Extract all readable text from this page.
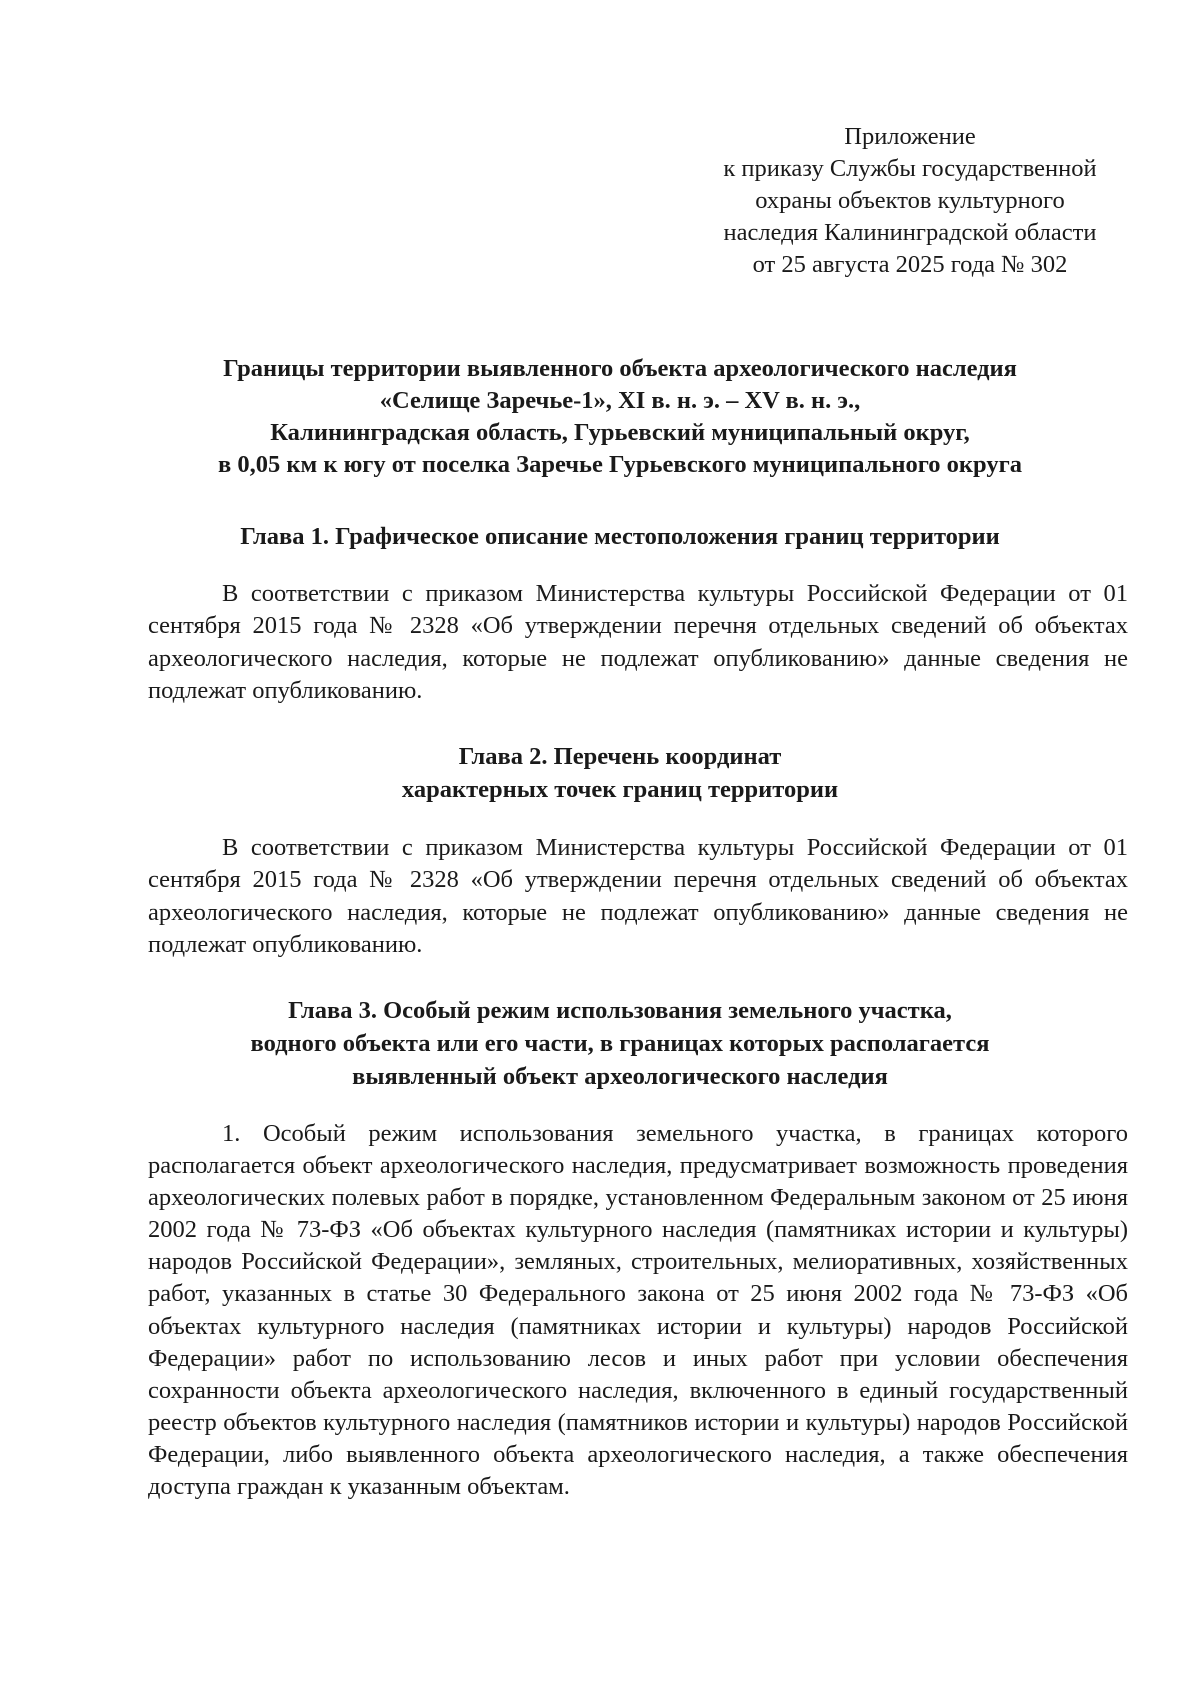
Приложение
к приказу Службы государственной
охраны объектов культурного
наследия Калининградской области
от 25 августа 2025 года № 302
Границы территории выявленного объекта археологического наследия
«Селище Заречье-1», XI в. н. э. – XV в. н. э.,
Калининградская область, Гурьевский муниципальный округ,
в 0,05 км к югу от поселка Заречье Гурьевского муниципального округа
Глава 1. Графическое описание местоположения границ территории
В соответствии с приказом Министерства культуры Российской Федерации от 01 сентября 2015 года № 2328 «Об утверждении перечня отдельных сведений об объектах археологического наследия, которые не подлежат опубликованию» данные сведения не подлежат опубликованию.
Глава 2. Перечень координат
характерных точек границ территории
В соответствии с приказом Министерства культуры Российской Федерации от 01 сентября 2015 года № 2328 «Об утверждении перечня отдельных сведений об объектах археологического наследия, которые не подлежат опубликованию» данные сведения не подлежат опубликованию.
Глава 3. Особый режим использования земельного участка,
водного объекта или его части, в границах которых располагается
выявленный объект археологического наследия
1. Особый режим использования земельного участка, в границах которого располагается объект археологического наследия, предусматривает возможность проведения археологических полевых работ в порядке, установленном Федеральным законом от 25 июня 2002 года № 73-ФЗ «Об объектах культурного наследия (памятниках истории и культуры) народов Российской Федерации», земляных, строительных, мелиоративных, хозяйственных работ, указанных в статье 30 Федерального закона от 25 июня 2002 года № 73-ФЗ «Об объектах культурного наследия (памятниках истории и культуры) народов Российской Федерации» работ по использованию лесов и иных работ при условии обеспечения сохранности объекта археологического наследия, включенного в единый государственный реестр объектов культурного наследия (памятников истории и культуры) народов Российской Федерации, либо выявленного объекта археологического наследия, а также обеспечения доступа граждан к указанным объектам.
